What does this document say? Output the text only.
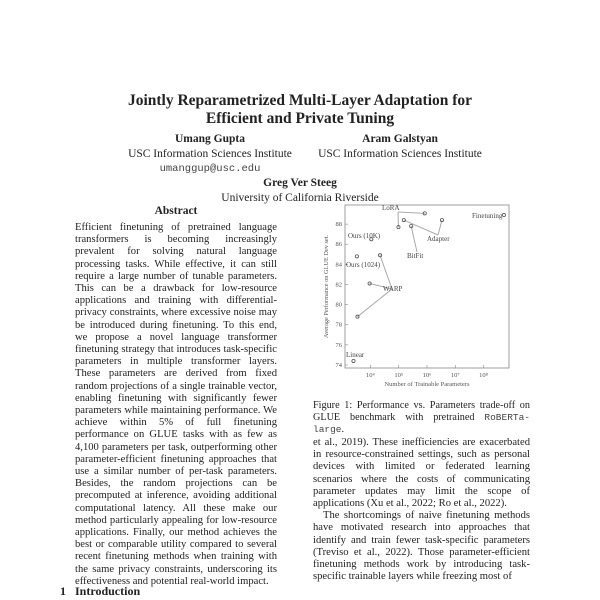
Jointly Reparametrized Multi-Layer Adaptation for
Efficient and Private Tuning
Umang Gupta
USC Information Sciences Institute
umanggup@usc.edu
Aram Galstyan
USC Information Sciences Institute
Greg Ver Steeg
University of California Riverside
Abstract

Efficient finetuning of pretrained language transformers is becoming increasingly prevalent for solving natural language processing tasks. While effective, it can still require a large number of tunable parameters. This can be a drawback for low-resource applications and training with differential-privacy constraints, where excessive noise may be introduced during finetuning. To this end, we propose a novel language transformer finetuning strategy that introduces task-specific parameters in multiple transformer layers. These parameters are derived from fixed random projections of a single trainable vector, enabling finetuning with significantly fewer parameters while maintaining performance. We achieve within 5% of full finetuning performance on GLUE tasks with as few as 4,100 parameters per task, outperforming other parameter-efficient finetuning approaches that use a similar number of per-task parameters. Besides, the random projections can be precomputed at inference, avoiding additional computational latency. All these make our method particularly appealing for low-resource applications. Finally, our method achieves the best or comparable utility compared to several recent finetuning methods when training with the same privacy constraints, underscoring its effectiveness and potential real-world impact.

1 Introduction
10⁴	10⁵	10⁶	10⁷	10⁸
74
76
78
80
82
84
86
88
Number of Trainable Parameters
Average Performance on GLUE Dev set.
Finetuning
LoRA
Adapter
BitFit
Ours (10K)
Ours (1024)
WARP
Linear
Figure 1: Performance vs. Parameters trade-off on GLUE benchmark with pretrained RoBERTa-large.

et al., 2019). These inefficiencies are exacerbated in resource-constrained settings, such as personal devices with limited or federated learning scenarios where the costs of communicating parameter updates may limit the scope of applications (Xu et al., 2022; Ro et al., 2022).

The shortcomings of naive finetuning methods have motivated research into approaches that identify and train fewer task-specific parameters (Treviso et al., 2022). Those parameter-efficient finetuning methods work by introducing task-specific trainable layers while freezing most of
